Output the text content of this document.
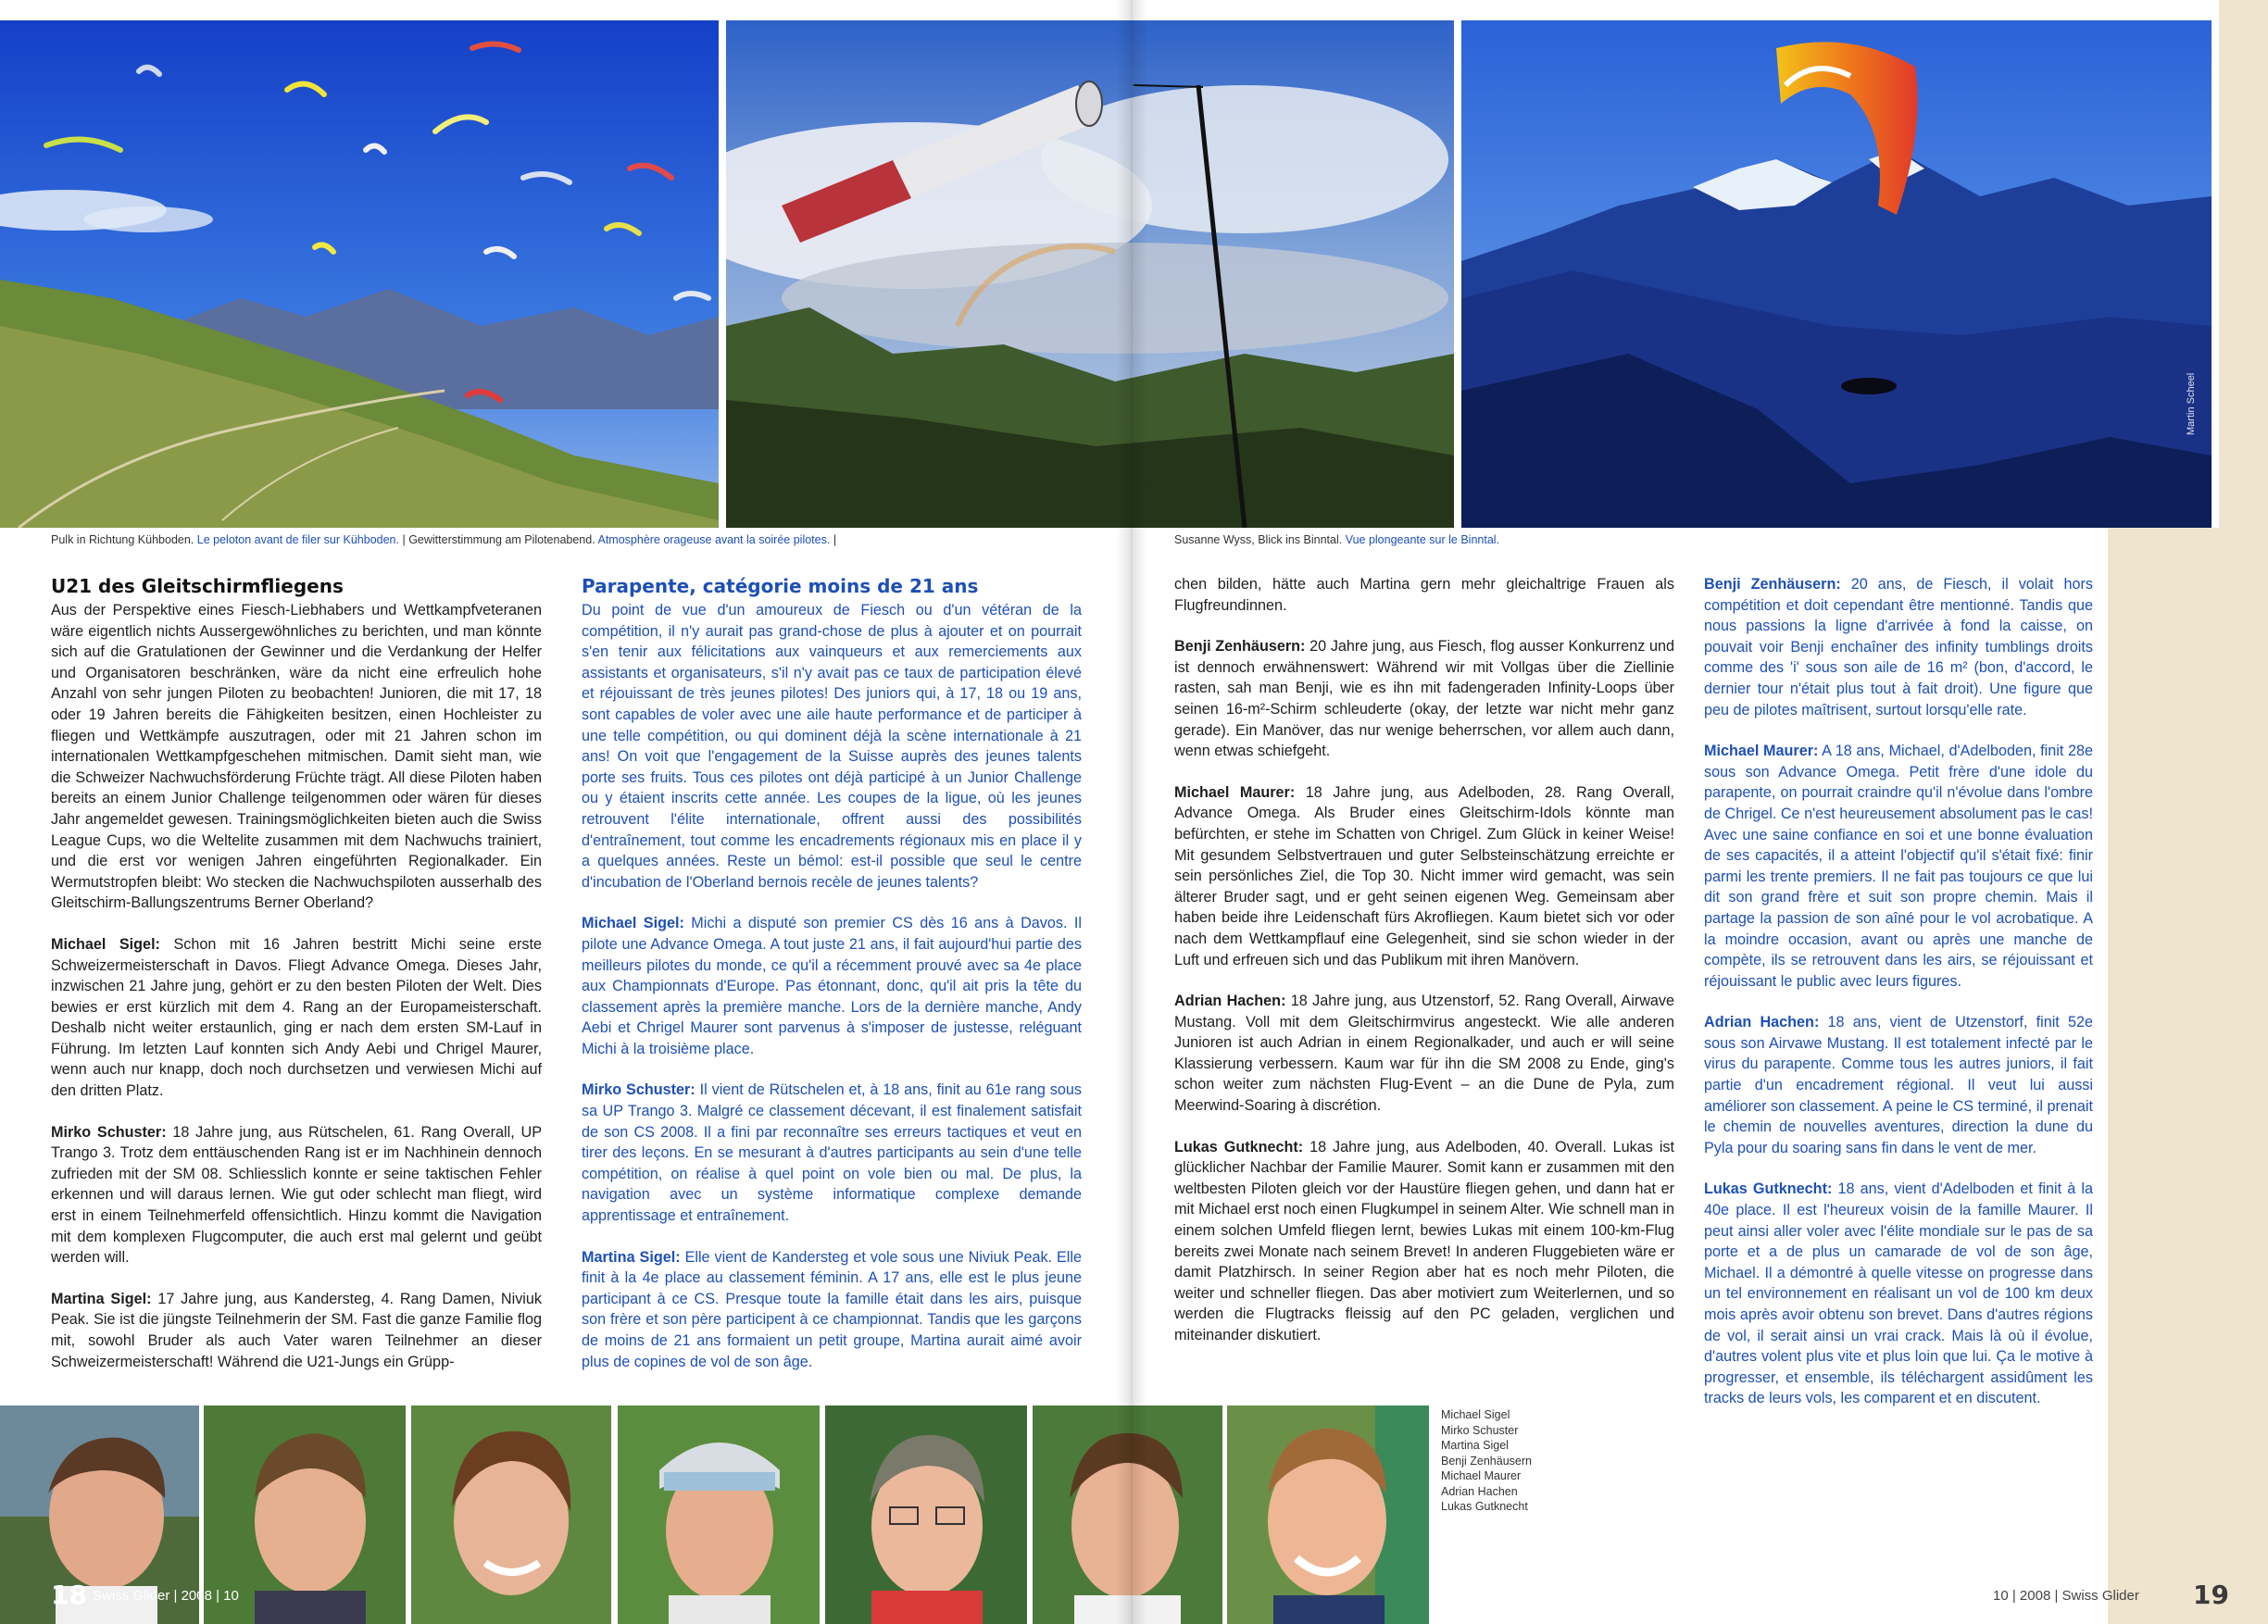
Martin Scheel
Pulk in Richtung Kühboden. Le peloton avant de filer sur Kühboden. | Gewitterstimmung am Pilotenabend. Atmosphère orageuse avant la soirée pilotes. |	Susanne Wyss, Blick ins Binntal. Vue plongeante sur le Binntal.
U21 des Gleitschirmfliegens

Aus der Perspektive eines Fiesch-Liebhabers und Wettkampfveteranen wäre eigentlich nichts Aussergewöhnliches zu berichten, und man könnte sich auf die Gratulationen der Gewinner und die Verdankung der Helfer und Organisatoren beschränken, wäre da nicht eine erfreulich hohe Anzahl von sehr jungen Piloten zu beobachten! Junioren, die mit 17, 18 oder 19 Jahren bereits die Fähigkeiten besitzen, einen Hochleister zu fliegen und Wettkämpfe auszutragen, oder mit 21 Jahren schon im internationalen Wettkampfgeschehen mitmischen. Damit sieht man, wie die Schweizer Nachwuchsförderung Früchte trägt. All diese Piloten haben bereits an einem Junior Challenge teilgenommen oder wären für dieses Jahr angemeldet gewesen. Trainingsmöglichkeiten bieten auch die Swiss League Cups, wo die Weltelite zusammen mit dem Nachwuchs trainiert, und die erst vor wenigen Jahren eingeführten Regionalkader. Ein Wermutstropfen bleibt: Wo stecken die Nachwuchspiloten ausserhalb des Gleitschirm-Ballungszentrums Berner Oberland?

Michael Sigel: Schon mit 16 Jahren bestritt Michi seine erste Schweizermeisterschaft in Davos. Fliegt Advance Omega. Dieses Jahr, inzwischen 21 Jahre jung, gehört er zu den besten Piloten der Welt. Dies bewies er erst kürzlich mit dem 4. Rang an der Europameisterschaft. Deshalb nicht weiter erstaunlich, ging er nach dem ersten SM-Lauf in Führung. Im letzten Lauf konnten sich Andy Aebi und Chrigel Maurer, wenn auch nur knapp, doch noch durchsetzen und verwiesen Michi auf den dritten Platz.

Mirko Schuster: 18 Jahre jung, aus Rütschelen, 61. Rang Overall, UP Trango 3. Trotz dem enttäuschenden Rang ist er im Nachhinein dennoch zufrieden mit der SM 08. Schliesslich konnte er seine taktischen Fehler erkennen und will daraus lernen. Wie gut oder schlecht man fliegt, wird erst in einem Teilnehmerfeld offensichtlich. Hinzu kommt die Navigation mit dem komplexen Flugcomputer, die auch erst mal gelernt und geübt werden will.

Martina Sigel: 17 Jahre jung, aus Kandersteg, 4. Rang Damen, Niviuk Peak. Sie ist die jüngste Teilnehmerin der SM. Fast die ganze Familie flog mit, sowohl Bruder als auch Vater waren Teilnehmer an dieser Schweizermeisterschaft! Während die U21-Jungs ein Grüpp-

Parapente, catégorie moins de 21 ans

Du point de vue d'un amoureux de Fiesch ou d'un vétéran de la compétition, il n'y aurait pas grand-chose de plus à ajouter et on pourrait s'en tenir aux félicitations aux vainqueurs et aux remerciements aux assistants et organisateurs, s'il n'y avait pas ce taux de participation élevé et réjouissant de très jeunes pilotes! Des juniors qui, à 17, 18 ou 19 ans, sont capables de voler avec une aile haute performance et de participer à une telle compétition, ou qui dominent déjà la scène internationale à 21 ans! On voit que l'engagement de la Suisse auprès des jeunes talents porte ses fruits. Tous ces pilotes ont déjà participé à un Junior Challenge ou y étaient inscrits cette année. Les coupes de la ligue, où les jeunes retrouvent l'élite internationale, offrent aussi des possibilités d'entraînement, tout comme les encadrements régionaux mis en place il y a quelques années. Reste un bémol: est-il possible que seul le centre d'incubation de l'Oberland bernois recèle de jeunes talents?

Michael Sigel: Michi a disputé son premier CS dès 16 ans à Davos. Il pilote une Advance Omega. A tout juste 21 ans, il fait aujourd'hui partie des meilleurs pilotes du monde, ce qu'il a récemment prouvé avec sa 4e place aux Championnats d'Europe. Pas étonnant, donc, qu'il ait pris la tête du classement après la première manche. Lors de la dernière manche, Andy Aebi et Chrigel Maurer sont parvenus à s'imposer de justesse, reléguant Michi à la troisième place.

Mirko Schuster: Il vient de Rütschelen et, à 18 ans, finit au 61e rang sous sa UP Trango 3. Malgré ce classement décevant, il est finalement satisfait de son CS 2008. Il a fini par reconnaître ses erreurs tactiques et veut en tirer des leçons. En se mesurant à d'autres participants au sein d'une telle compétition, on réalise à quel point on vole bien ou mal. De plus, la navigation avec un système informatique complexe demande apprentissage et entraînement.

Martina Sigel: Elle vient de Kandersteg et vole sous une Niviuk Peak. Elle finit à la 4e place au classement féminin. A 17 ans, elle est le plus jeune participant à ce CS. Presque toute la famille était dans les airs, puisque son frère et son père participent à ce championnat. Tandis que les garçons de moins de 21 ans formaient un petit groupe, Martina aurait aimé avoir plus de copines de vol de son âge.

chen bilden, hätte auch Martina gern mehr gleichaltrige Frauen als Flugfreundinnen.

Benji Zenhäusern: 20 Jahre jung, aus Fiesch, flog ausser Konkurrenz und ist dennoch erwähnenswert: Während wir mit Vollgas über die Ziellinie rasten, sah man Benji, wie es ihn mit fadengeraden Infinity-Loops über seinen 16-m²-Schirm schleuderte (okay, der letzte war nicht mehr ganz gerade). Ein Manöver, das nur wenige beherrschen, vor allem auch dann, wenn etwas schiefgeht.

Michael Maurer: 18 Jahre jung, aus Adelboden, 28. Rang Overall, Advance Omega. Als Bruder eines Gleitschirm-Idols könnte man befürchten, er stehe im Schatten von Chrigel. Zum Glück in keiner Weise! Mit gesundem Selbstvertrauen und guter Selbsteinschätzung erreichte er sein persönliches Ziel, die Top 30. Nicht immer wird gemacht, was sein älterer Bruder sagt, und er geht seinen eigenen Weg. Gemeinsam aber haben beide ihre Leidenschaft fürs Akrofliegen. Kaum bietet sich vor oder nach dem Wettkampflauf eine Gelegenheit, sind sie schon wieder in der Luft und erfreuen sich und das Publikum mit ihren Manövern.

Adrian Hachen: 18 Jahre jung, aus Utzenstorf, 52. Rang Overall, Airwave Mustang. Voll mit dem Gleitschirmvirus angesteckt. Wie alle anderen Junioren ist auch Adrian in einem Regionalkader, und auch er will seine Klassierung verbessern. Kaum war für ihn die SM 2008 zu Ende, ging's schon weiter zum nächsten Flug-Event – an die Dune de Pyla, zum Meerwind-Soaring à discrétion.

Lukas Gutknecht: 18 Jahre jung, aus Adelboden, 40. Overall. Lukas ist glücklicher Nachbar der Familie Maurer. Somit kann er zusammen mit den weltbesten Piloten gleich vor der Haustüre fliegen gehen, und dann hat er mit Michael erst noch einen Flugkumpel in seinem Alter. Wie schnell man in einem solchen Umfeld fliegen lernt, bewies Lukas mit einem 100-km-Flug bereits zwei Monate nach seinem Brevet! In anderen Fluggebieten wäre er damit Platzhirsch. In seiner Region aber hat es noch mehr Piloten, die weiter und schneller fliegen. Das aber motiviert zum Weiterlernen, und so werden die Flugtracks fleissig auf den PC geladen, verglichen und miteinander diskutiert.

Benji Zenhäusern: 20 ans, de Fiesch, il volait hors compétition et doit cependant être mentionné. Tandis que nous passions la ligne d'arrivée à fond la caisse, on pouvait voir Benji enchaîner des infinity tumblings droits comme des 'i' sous son aile de 16 m² (bon, d'accord, le dernier tour n'était plus tout à fait droit). Une figure que peu de pilotes maîtrisent, surtout lorsqu'elle rate.

Michael Maurer: A 18 ans, Michael, d'Adelboden, finit 28e sous son Advance Omega. Petit frère d'une idole du parapente, on pourrait craindre qu'il n'évolue dans l'ombre de Chrigel. Ce n'est heureusement absolument pas le cas! Avec une saine confiance en soi et une bonne évaluation de ses capacités, il a atteint l'objectif qu'il s'était fixé: finir parmi les trente premiers. Il ne fait pas toujours ce que lui dit son grand frère et suit son propre chemin. Mais il partage la passion de son aîné pour le vol acrobatique. A la moindre occasion, avant ou après une manche de compète, ils se retrouvent dans les airs, se réjouissant et réjouissant le public avec leurs figures.

Adrian Hachen: 18 ans, vient de Utzenstorf, finit 52e sous son Airvawe Mustang. Il est totalement infecté par le virus du parapente. Comme tous les autres juniors, il fait partie d'un encadrement régional. Il veut lui aussi améliorer son classement. A peine le CS terminé, il prenait le chemin de nouvelles aventures, direction la dune du Pyla pour du soaring sans fin dans le vent de mer.

Lukas Gutknecht: 18 ans, vient d'Adelboden et finit à la 40e place. Il est l'heureux voisin de la famille Maurer. Il peut ainsi aller voler avec l'élite mondiale sur le pas de sa porte et a de plus un camarade de vol de son âge, Michael. Il a démontré à quelle vitesse on progresse dans un tel environnement en réalisant un vol de 100 km deux mois après avoir obtenu son brevet. Dans d'autres régions de vol, il serait ainsi un vrai crack. Mais là où il évolue, d'autres volent plus vite et plus loin que lui. Ça le motive à progresser, et ensemble, ils téléchargent assidûment les tracks de leurs vols, les comparent et en discutent.

Michael Sigel
Mirko Schuster
Martina Sigel
Benji Zenhäusern
Michael Maurer
Adrian Hachen
Lukas Gutknecht
18 Swiss Glider | 2008 | 10	10 | 2008 | Swiss Glider 19
